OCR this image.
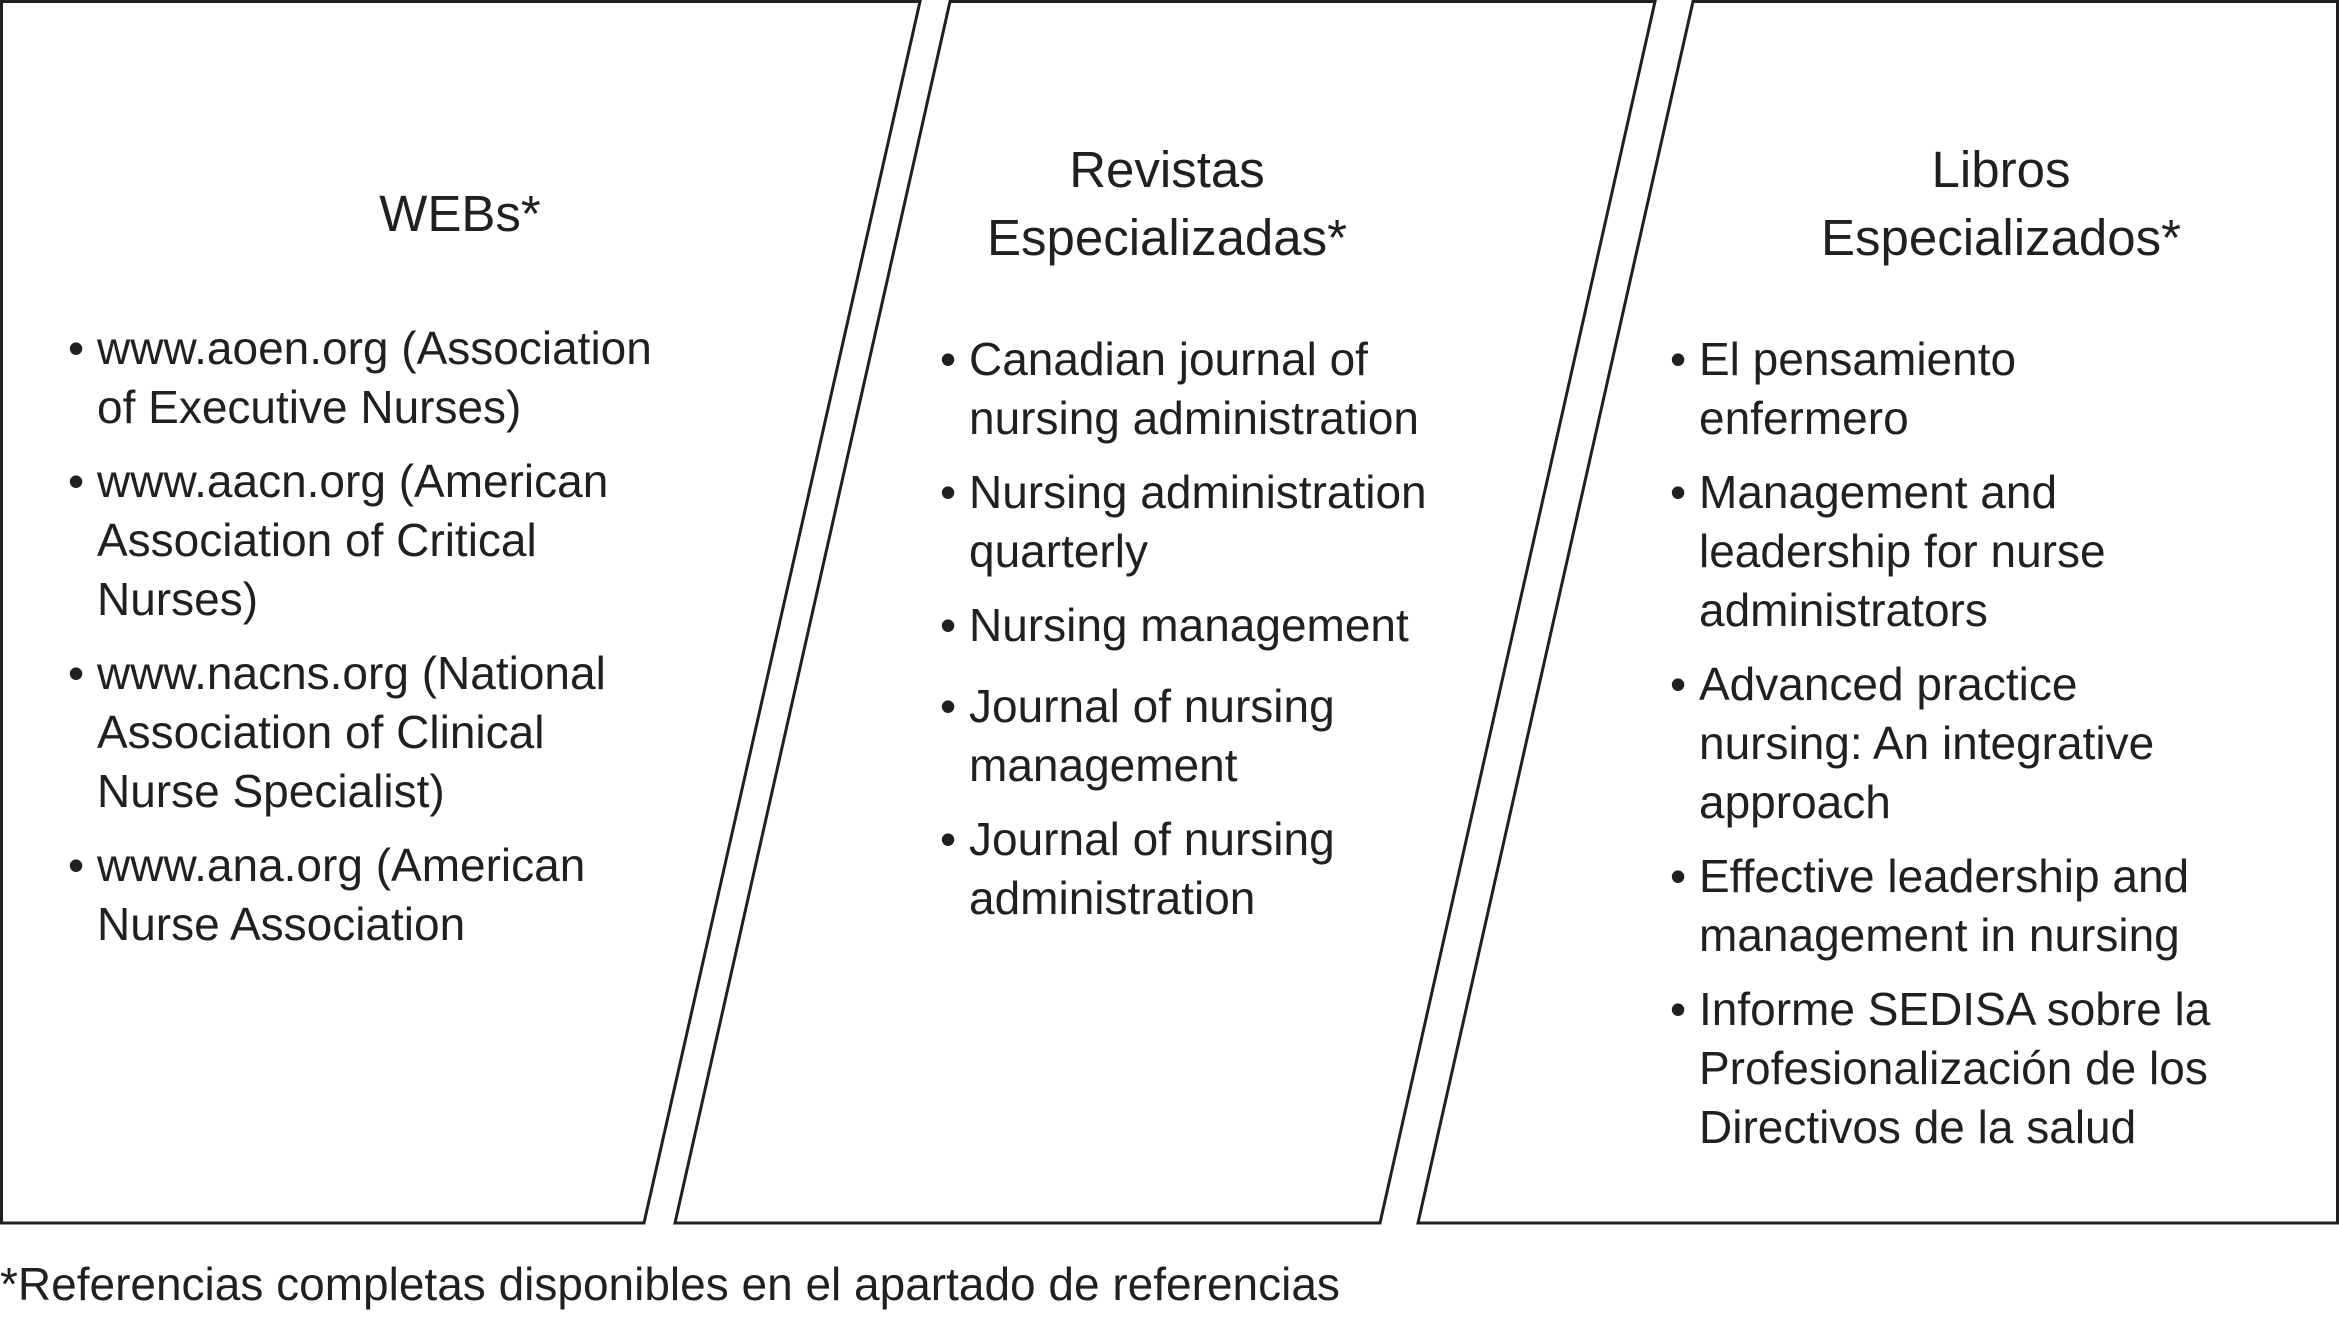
WEBs*
• www.aoen.org (Association
of Executive Nurses)
• www.aacn.org (American
Association of Critical
Nurses)
• www.nacns.org (National
Association of Clinical
Nurse Specialist)
• www.ana.org (American
Nurse Association
Revistas
Especializadas*
• Canadian journal of
nursing administration
• Nursing administration
quarterly
• Nursing management
• Journal of nursing
management
• Journal of nursing
administration
Libros
Especializados*
• El pensamiento
enfermero
• Management and
leadership for nurse
administrators
• Advanced practice
nursing: An integrative
approach
• Effective leadership and
management in nursing
• Informe SEDISA sobre la
Profesionalización de los
Directivos de la salud

*Referencias completas disponibles en el apartado de referencias
